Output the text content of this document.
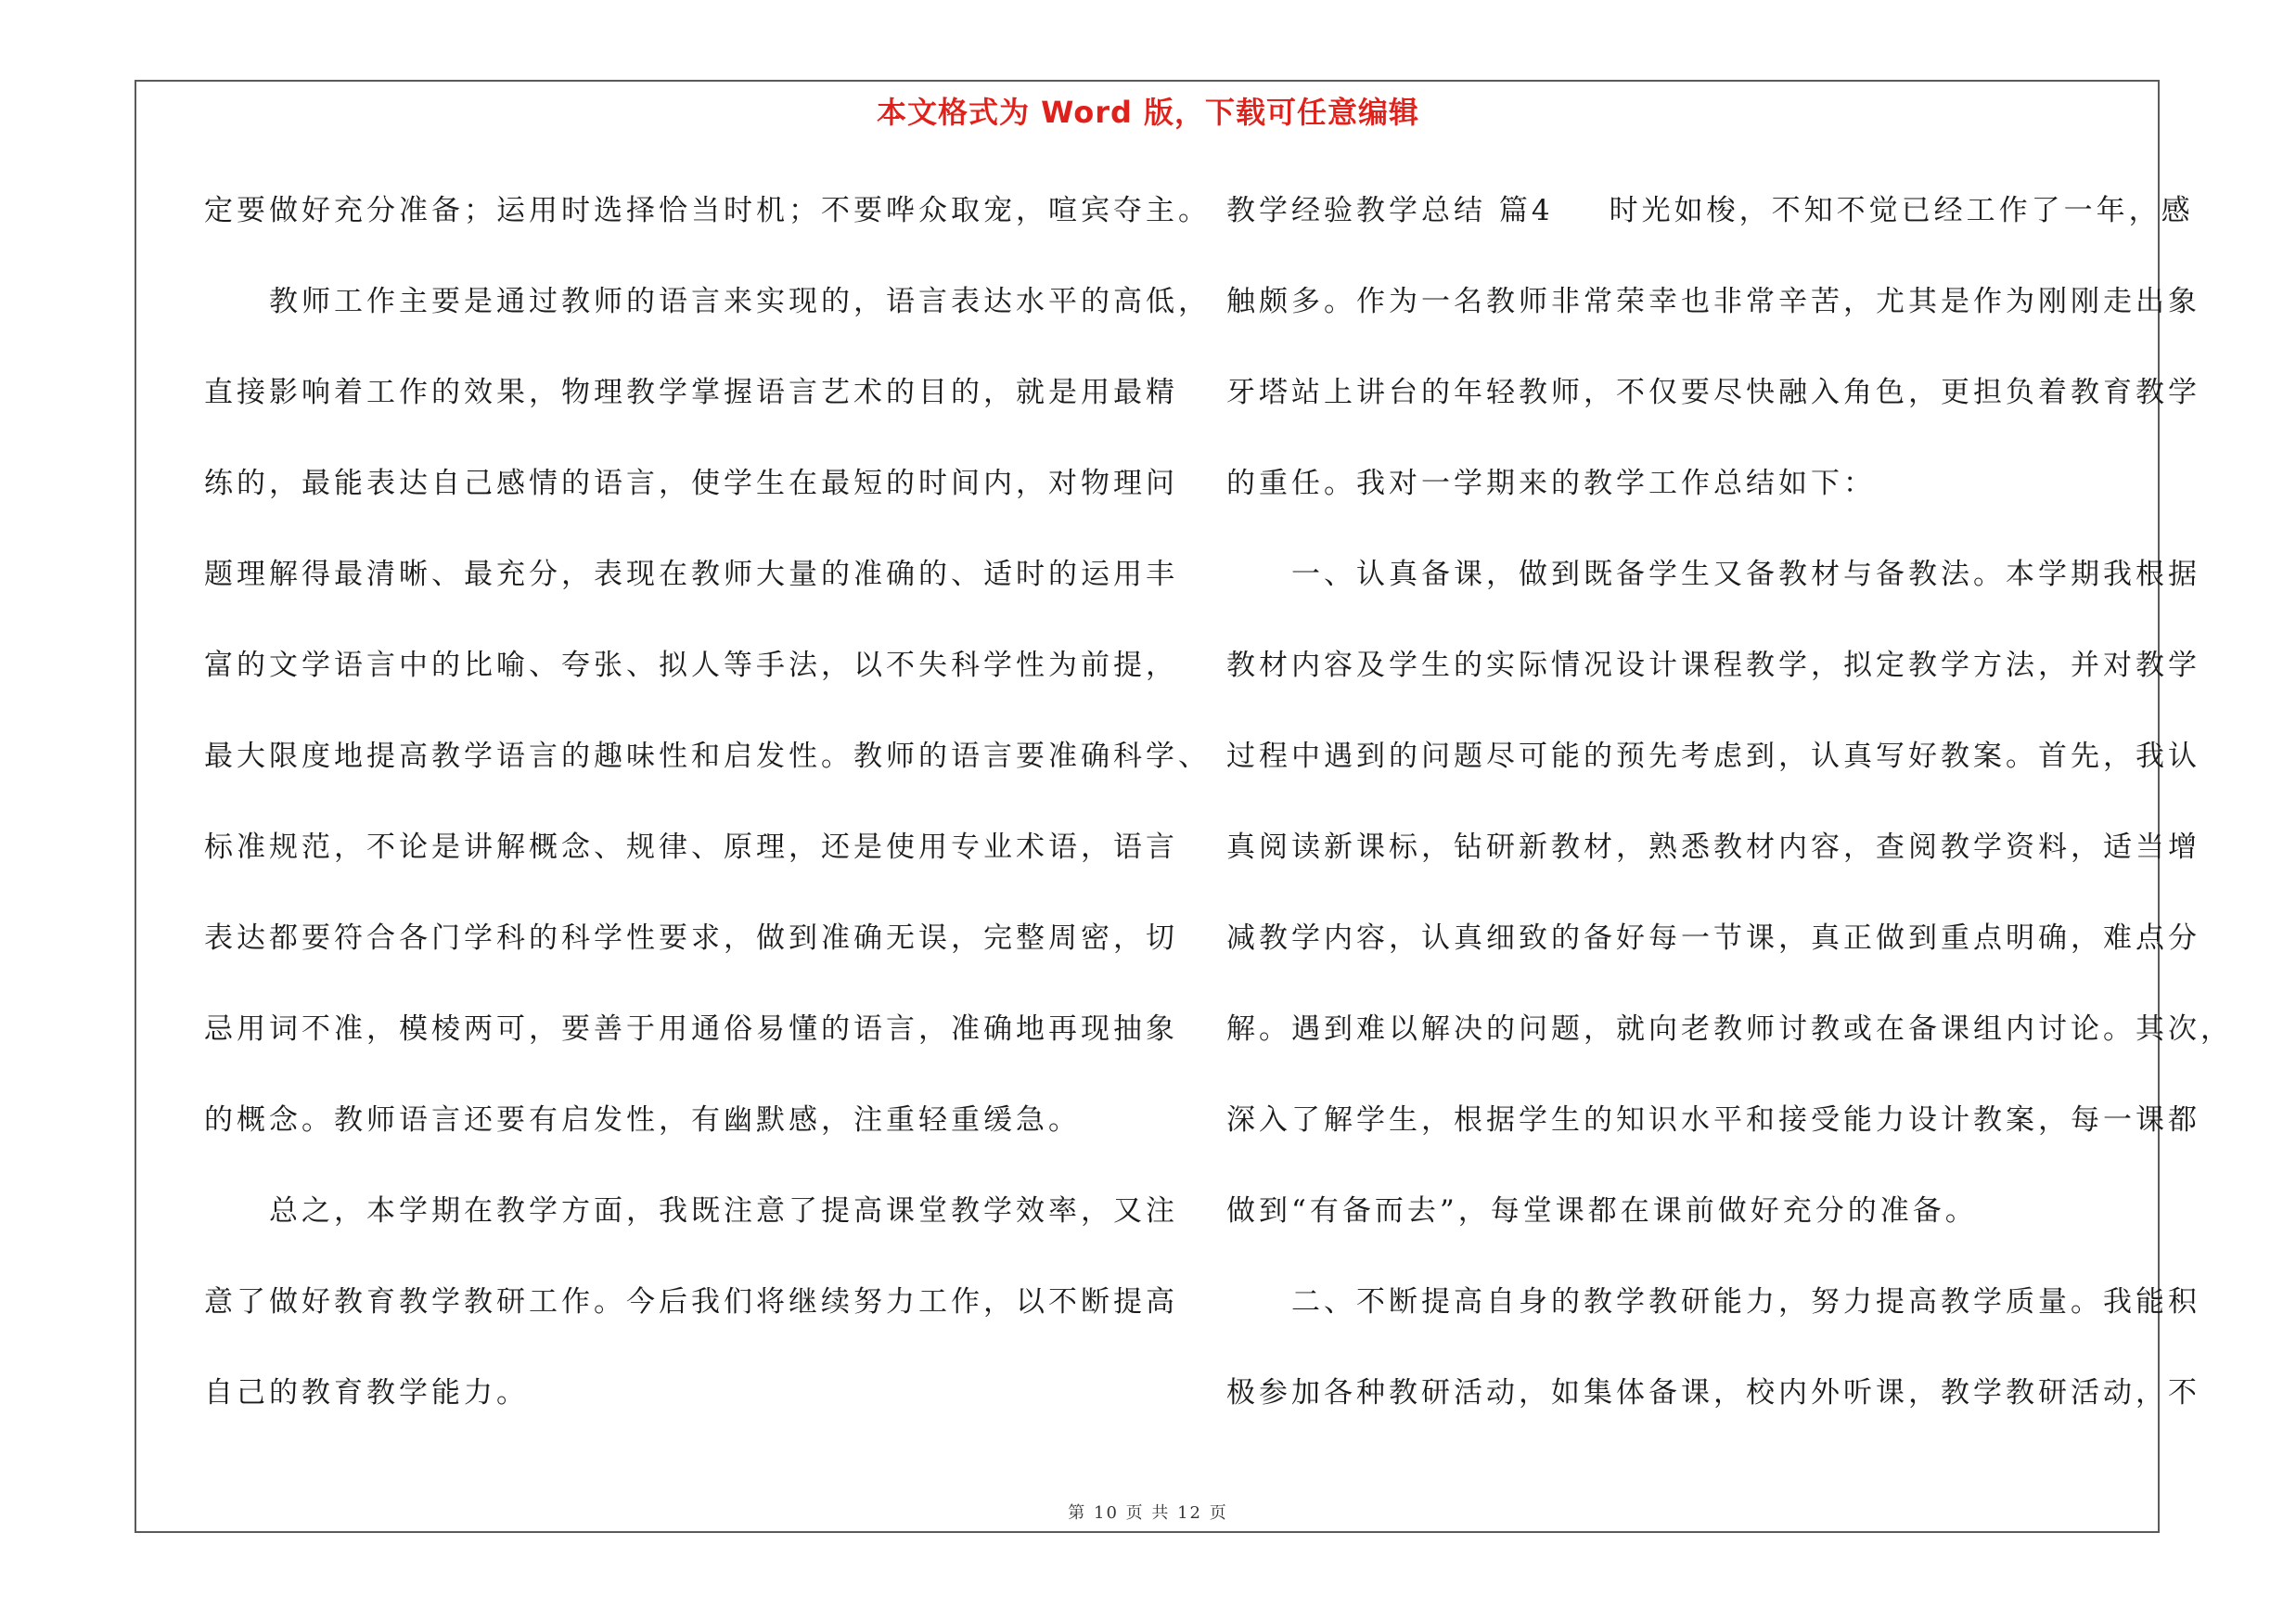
本文格式为 Word 版，下载可任意编辑
定要做好充分准备；运用时选择恰当时机；不要哗众取宠，喧宾夺主。
　　教师工作主要是通过教师的语言来实现的，语言表达水平的高低，
直接影响着工作的效果，物理教学掌握语言艺术的目的，就是用最精
练的，最能表达自己感情的语言，使学生在最短的时间内，对物理问
题理解得最清晰、最充分，表现在教师大量的准确的、适时的运用丰
富的文学语言中的比喻、夸张、拟人等手法，以不失科学性为前提，
最大限度地提高教学语言的趣味性和启发性。教师的语言要准确科学、
标准规范，不论是讲解概念、规律、原理，还是使用专业术语，语言
表达都要符合各门学科的科学性要求，做到准确无误，完整周密，切
忌用词不准，模棱两可，要善于用通俗易懂的语言，准确地再现抽象
的概念。教师语言还要有启发性，有幽默感，注重轻重缓急。
　　总之，本学期在教学方面，我既注意了提高课堂教学效率，又注
意了做好教育教学教研工作。今后我们将继续努力工作，以不断提高
自己的教育教学能力。
教学经验教学总结 篇4 时光如梭，不知不觉已经工作了一年，感
触颇多。作为一名教师非常荣幸也非常辛苦，尤其是作为刚刚走出象
牙塔站上讲台的年轻教师，不仅要尽快融入角色，更担负着教育教学
的重任。我对一学期来的教学工作总结如下：
　　一、认真备课，做到既备学生又备教材与备教法。本学期我根据
教材内容及学生的实际情况设计课程教学，拟定教学方法，并对教学
过程中遇到的问题尽可能的预先考虑到，认真写好教案。首先，我认
真阅读新课标，钻研新教材，熟悉教材内容，查阅教学资料，适当增
减教学内容，认真细致的备好每一节课，真正做到重点明确，难点分
解。遇到难以解决的问题，就向老教师讨教或在备课组内讨论。其次，
深入了解学生，根据学生的知识水平和接受能力设计教案，每一课都
做到“有备而去”，每堂课都在课前做好充分的准备。
　　二、不断提高自身的教学教研能力，努力提高教学质量。我能积
极参加各种教研活动，如集体备课，校内外听课，教学教研活动，不
第 10 页 共 12 页
